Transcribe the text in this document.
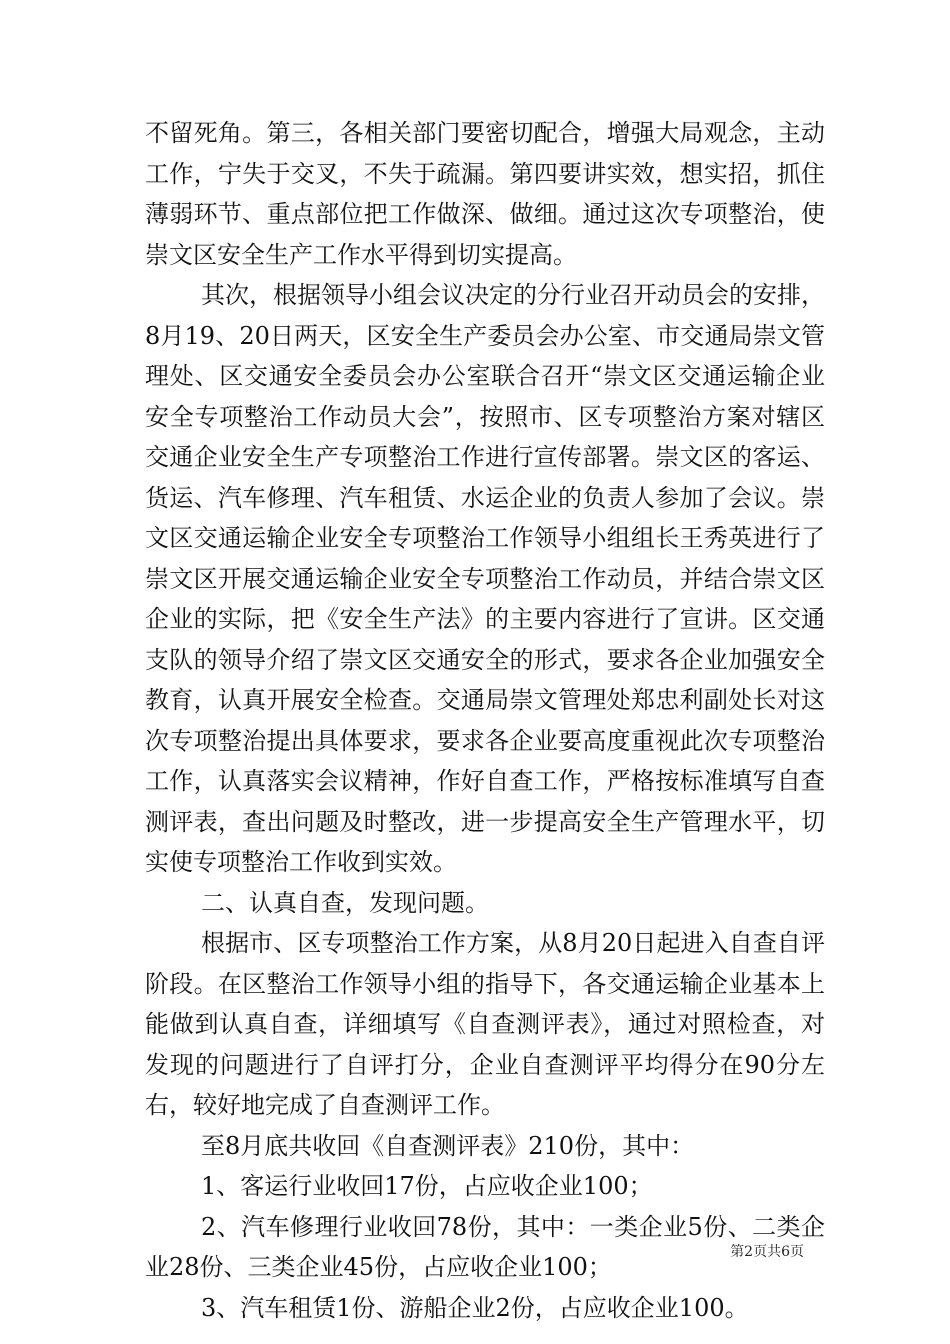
不留死角。第三，各相关部门要密切配合，增强大局观念，主动工作，宁失于交叉，不失于疏漏。第四要讲实效，想实招，抓住薄弱环节、重点部位把工作做深、做细。通过这次专项整治，使崇文区安全生产工作水平得到切实提高。

其次，根据领导小组会议决定的分行业召开动员会的安排，8月19、20日两天，区安全生产委员会办公室、市交通局崇文管理处、区交通安全委员会办公室联合召开“崇文区交通运输企业安全专项整治工作动员大会”，按照市、区专项整治方案对辖区交通企业安全生产专项整治工作进行宣传部署。崇文区的客运、货运、汽车修理、汽车租赁、水运企业的负责人参加了会议。崇文区交通运输企业安全专项整治工作领导小组组长王秀英进行了崇文区开展交通运输企业安全专项整治工作动员，并结合崇文区企业的实际，把《安全生产法》的主要内容进行了宣讲。区交通支队的领导介绍了崇文区交通安全的形式，要求各企业加强安全教育，认真开展安全检查。交通局崇文管理处郑忠利副处长对这次专项整治提出具体要求，要求各企业要高度重视此次专项整治工作，认真落实会议精神，作好自查工作，严格按标准填写自查测评表，查出问题及时整改，进一步提高安全生产管理水平，切实使专项整治工作收到实效。

二、认真自查，发现问题。

根据市、区专项整治工作方案，从8月20日起进入自查自评阶段。在区整治工作领导小组的指导下，各交通运输企业基本上能做到认真自查，详细填写《自查测评表》，通过对照检查，对发现的问题进行了自评打分，企业自查测评平均得分在90分左右，较好地完成了自查测评工作。

至8月底共收回《自查测评表》210份，其中：

1、客运行业收回17份，占应收企业100；

2、汽车修理行业收回78份，其中：一类企业5份、二类企业28份、三类企业45份，占应收企业100；

3、汽车租赁1份、游船企业2份，占应收企业100。

第2页共6页
